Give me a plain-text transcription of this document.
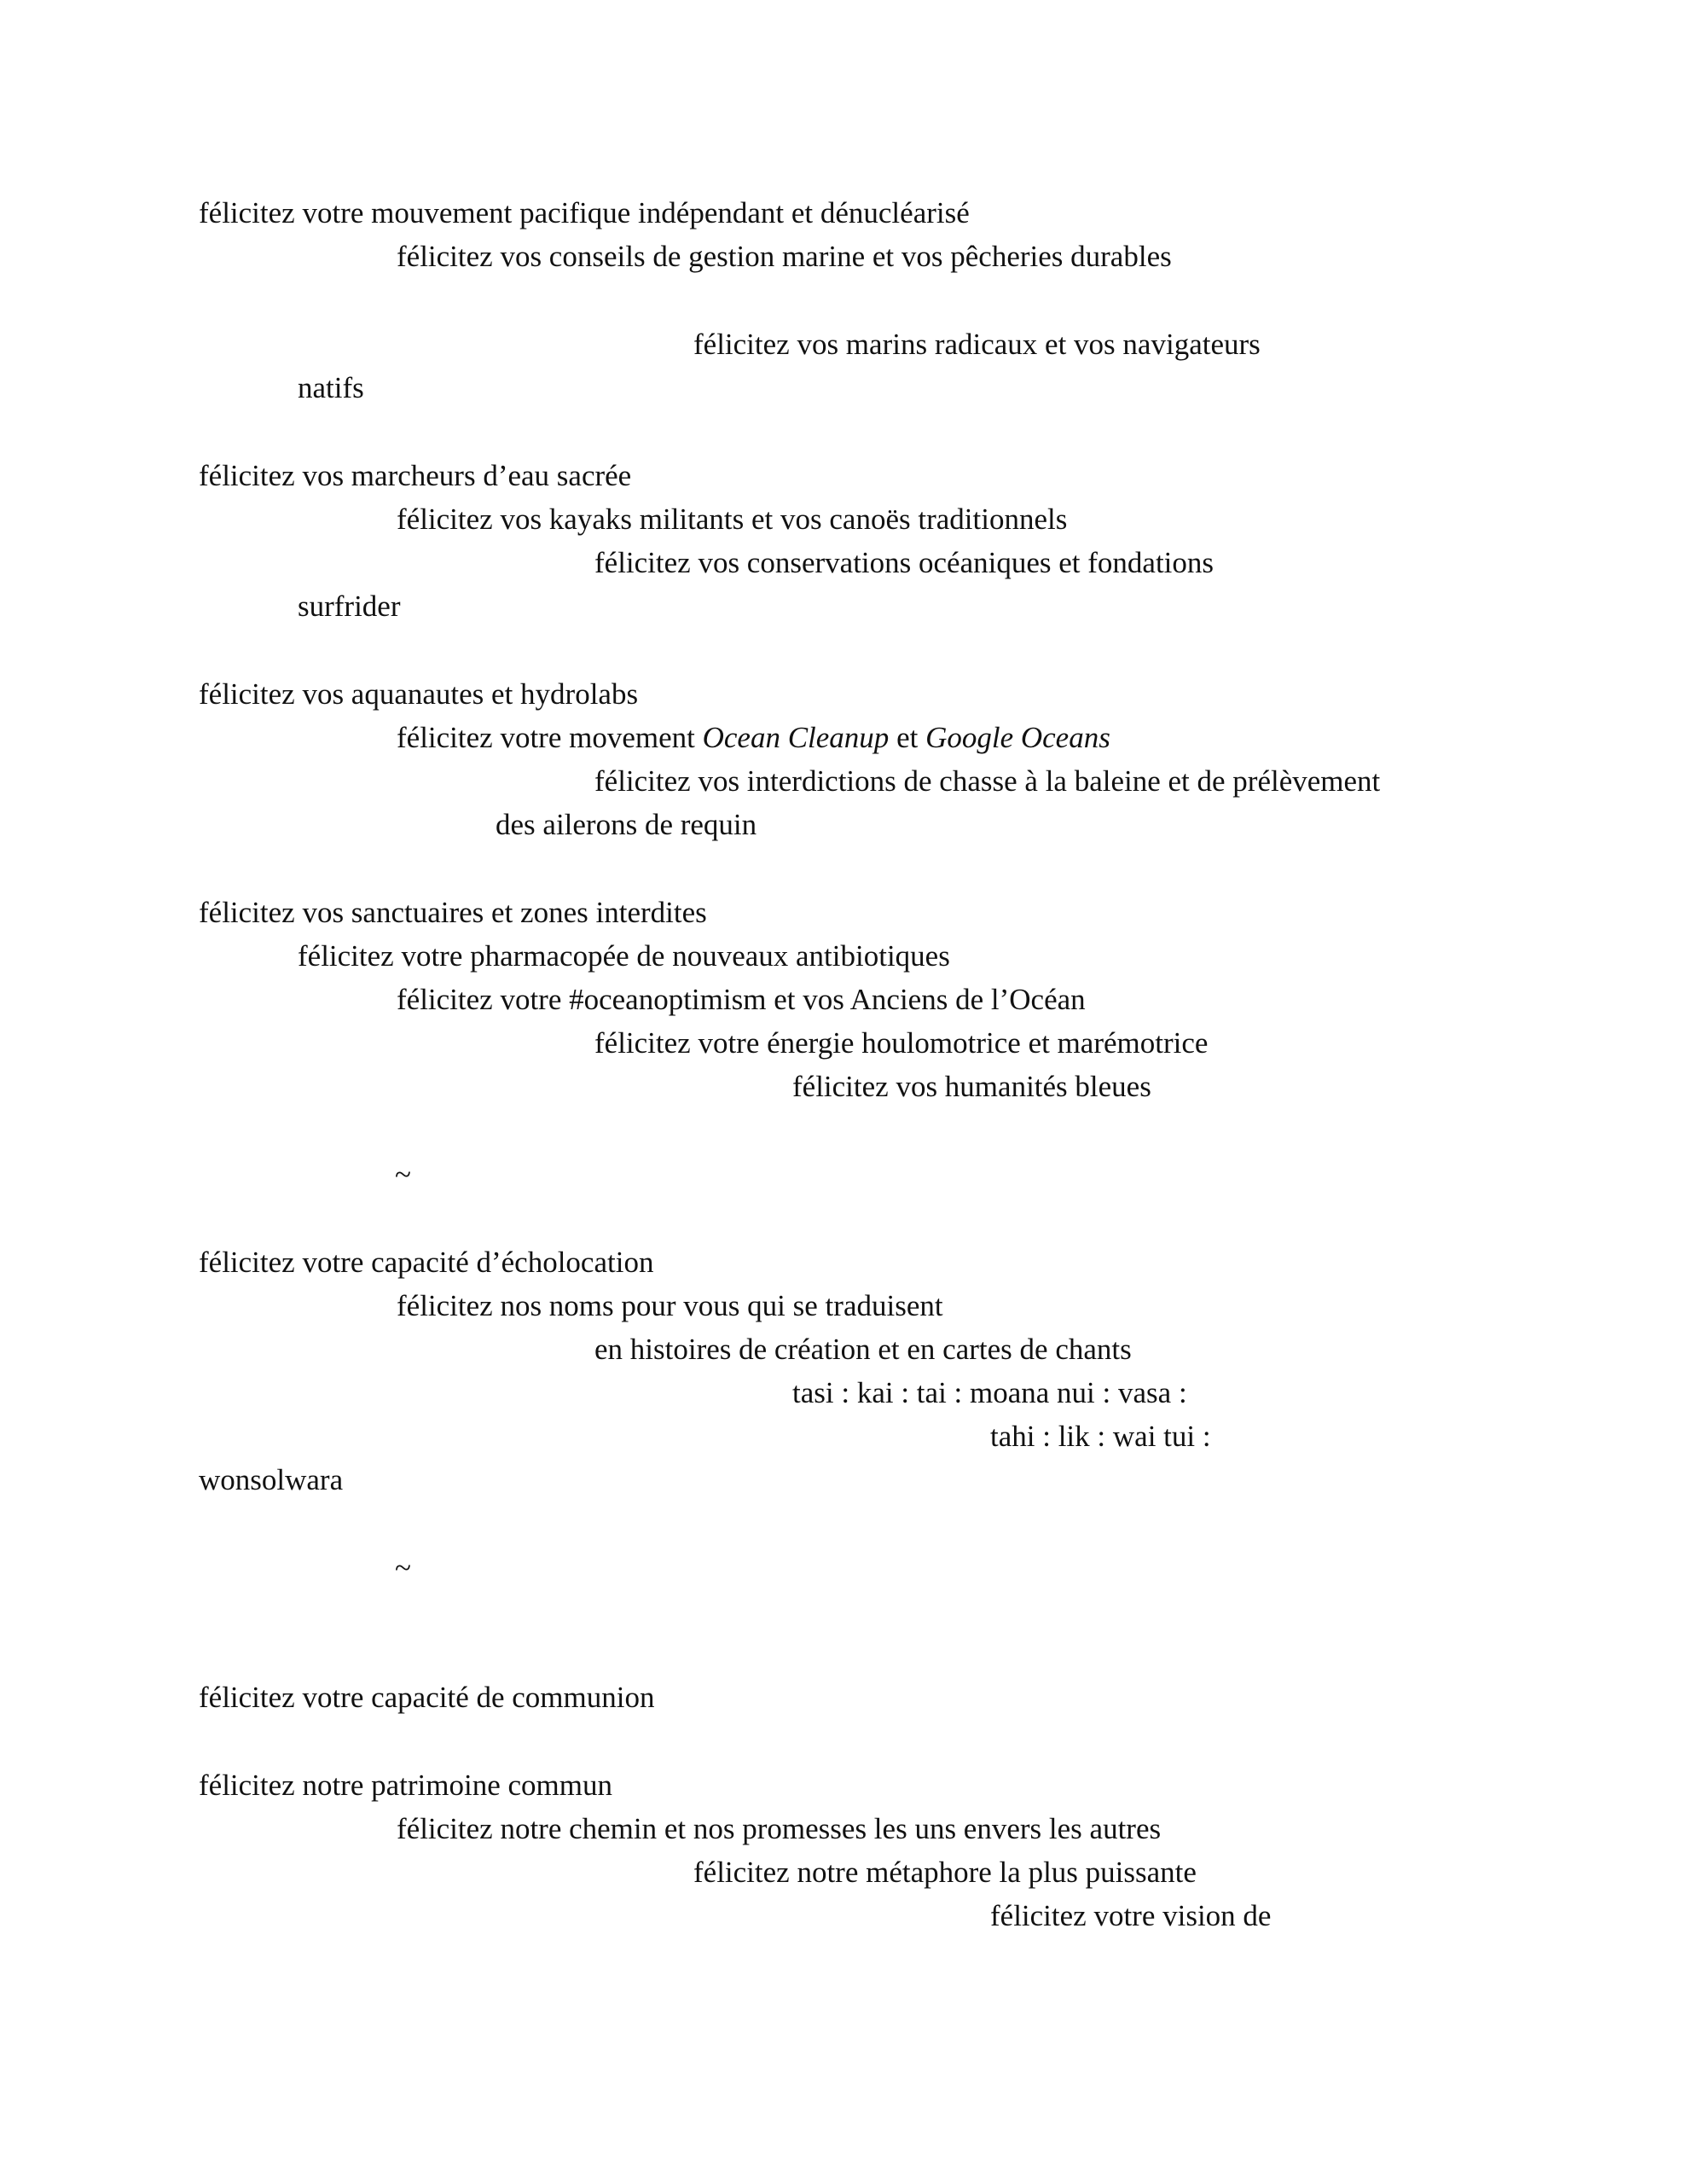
félicitez votre mouvement pacifique indépendant et dénucléarisé
félicitez vos conseils de gestion marine et vos pêcheries durables
félicitez vos marins radicaux et vos navigateurs
natifs
félicitez vos marcheurs d’eau sacrée
félicitez vos kayaks militants et vos canoës traditionnels
félicitez vos conservations océaniques et fondations
surfrider
félicitez vos aquanautes et hydrolabs
félicitez votre movement Ocean Cleanup et Google Oceans
félicitez vos interdictions de chasse à la baleine et de prélèvement
des ailerons de requin
félicitez vos sanctuaires et zones interdites
félicitez votre pharmacopée de nouveaux antibiotiques
félicitez votre #oceanoptimism et vos Anciens de l’Océan
félicitez votre énergie houlomotrice et marémotrice
félicitez vos humanités bleues
~
félicitez votre capacité d’écholocation
félicitez nos noms pour vous qui se traduisent
en histoires de création et en cartes de chants
tasi : kai : tai : moana nui : vasa :
tahi : lik : wai tui :
wonsolwara
~
félicitez votre capacité de communion
félicitez notre patrimoine commun
félicitez notre chemin et nos promesses les uns envers les autres
félicitez notre métaphore la plus puissante
félicitez votre vision de
